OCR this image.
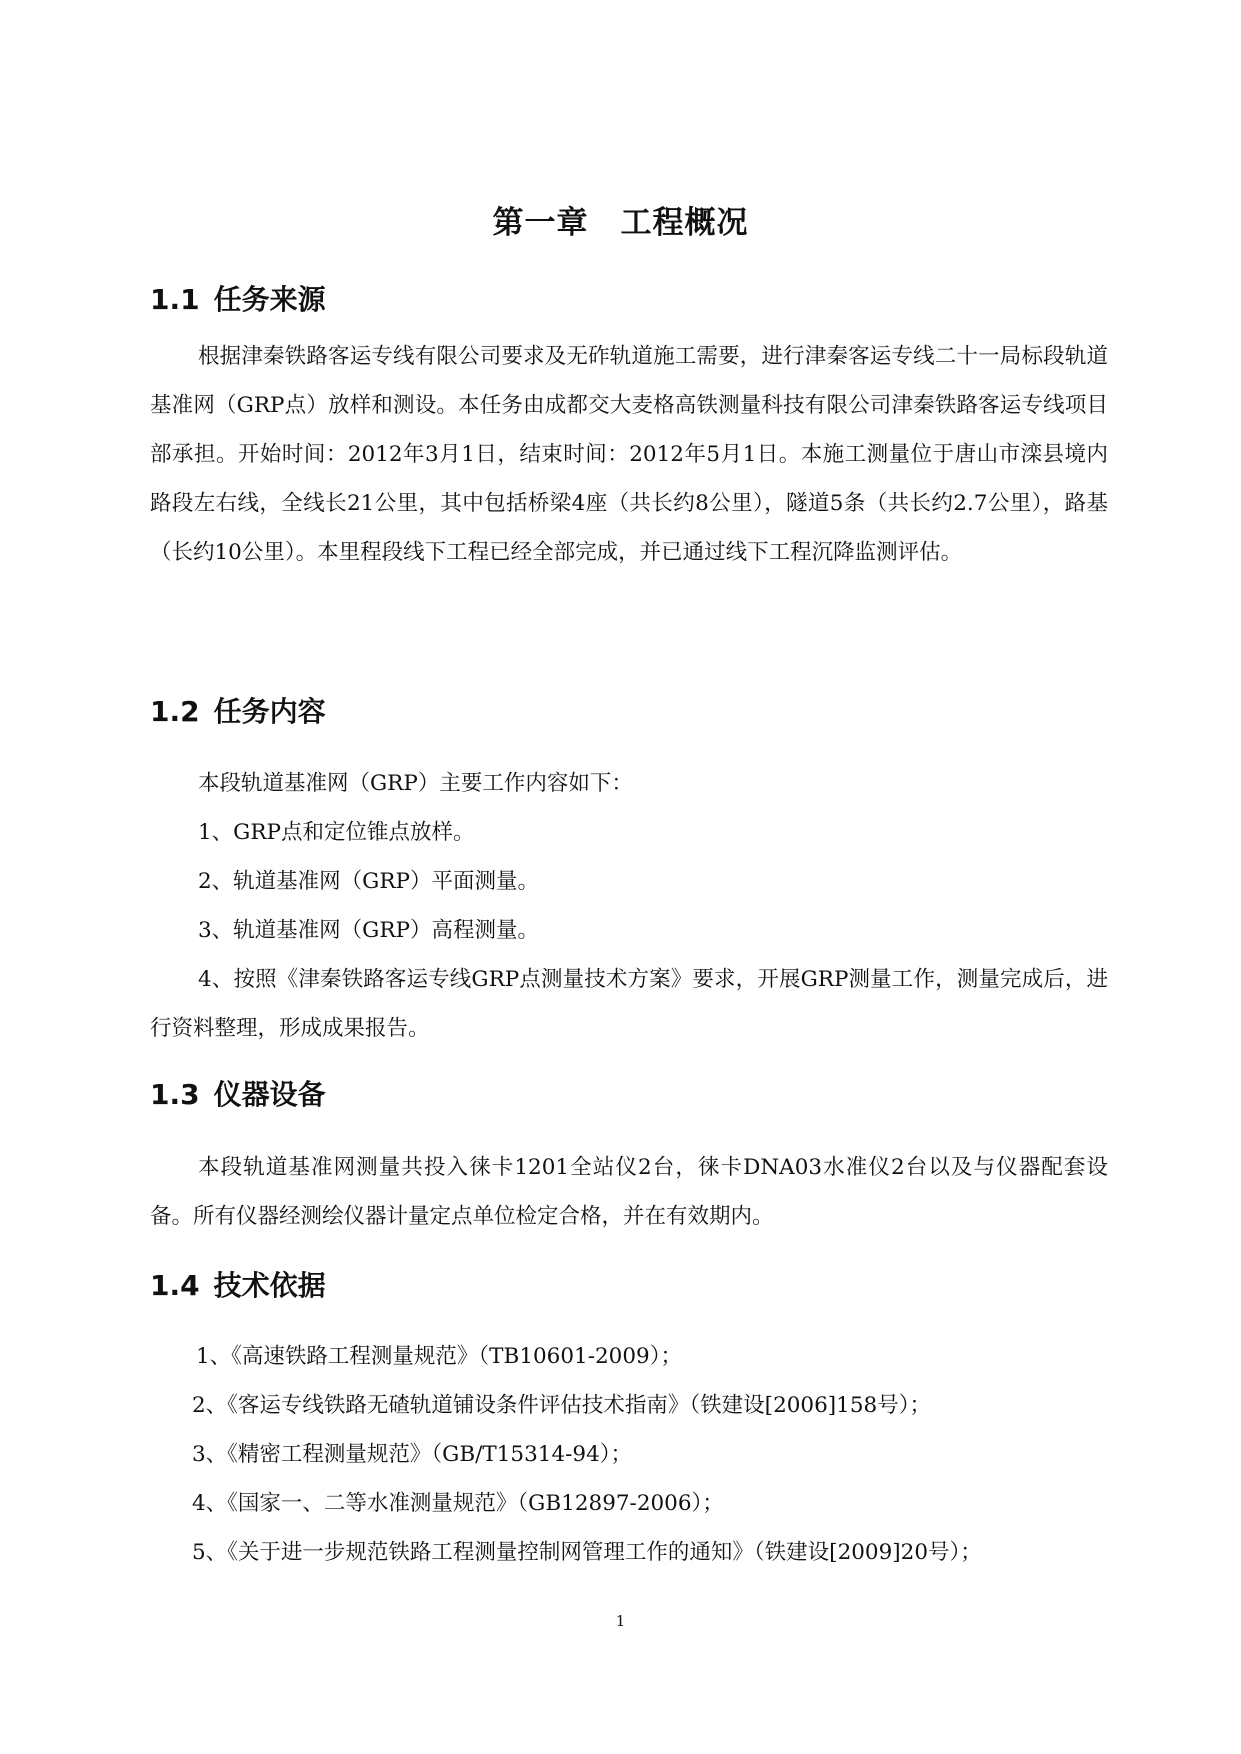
第一章　工程概况
1.1 任务来源

根据津秦铁路客运专线有限公司要求及无砟轨道施工需要，进行津秦客运专线二十一局标段轨道基准网（GRP点）放样和测设。本任务由成都交大麦格高铁测量科技有限公司津秦铁路客运专线项目部承担。开始时间：2012年3月1日，结束时间：2012年5月1日。本施工测量位于唐山市滦县境内路段左右线，全线长21公里，其中包括桥梁4座（共长约8公里），隧道5条（共长约2.7公里），路基（长约10公里）。本里程段线下工程已经全部完成，并已通过线下工程沉降监测评估。

1.2 任务内容

本段轨道基准网（GRP）主要工作内容如下：

1、GRP点和定位锥点放样。

2、轨道基准网（GRP）平面测量。

3、轨道基准网（GRP）高程测量。

4、按照《津秦铁路客运专线GRP点测量技术方案》要求，开展GRP测量工作，测量完成后，进行资料整理，形成成果报告。

1.3 仪器设备

本段轨道基准网测量共投入徕卡1201全站仪2台，徕卡DNA03水准仪2台以及与仪器配套设备。所有仪器经测绘仪器计量定点单位检定合格，并在有效期内。

1.4 技术依据

1、《高速铁路工程测量规范》（TB10601-2009）；

2、《客运专线铁路无碴轨道铺设条件评估技术指南》（铁建设[2006]158号）；

3、《精密工程测量规范》（GB/T15314-94）；

4、《国家一、二等水准测量规范》（GB12897-2006）；

5、《关于进一步规范铁路工程测量控制网管理工作的通知》（铁建设[2009]20号）；

1
